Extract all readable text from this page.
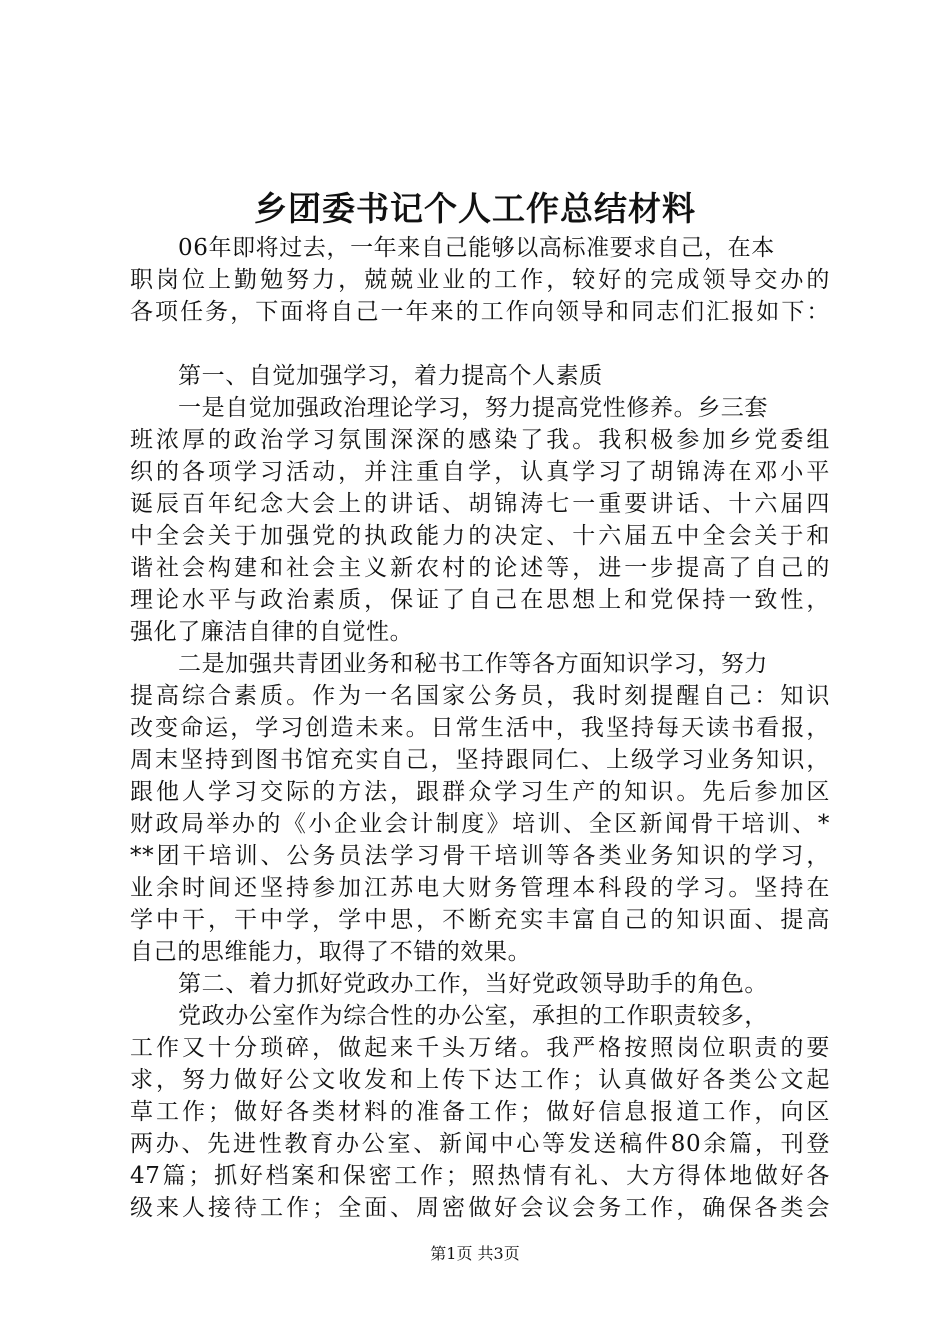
乡团委书记个人工作总结材料
06年即将过去，一年来自己能够以高标准要求自己，在本
职岗位上勤勉努力，兢兢业业的工作，较好的完成领导交办的
各项任务，下面将自己一年来的工作向领导和同志们汇报如下：
第一、自觉加强学习，着力提高个人素质
一是自觉加强政治理论学习，努力提高党性修养。乡三套
班浓厚的政治学习氛围深深的感染了我。我积极参加乡党委组
织的各项学习活动，并注重自学，认真学习了胡锦涛在邓小平
诞辰百年纪念大会上的讲话、胡锦涛七一重要讲话、十六届四
中全会关于加强党的执政能力的决定、十六届五中全会关于和
谐社会构建和社会主义新农村的论述等，进一步提高了自己的
理论水平与政治素质，保证了自己在思想上和党保持一致性，
强化了廉洁自律的自觉性。
二是加强共青团业务和秘书工作等各方面知识学习，努力
提高综合素质。作为一名国家公务员，我时刻提醒自己：知识
改变命运，学习创造未来。日常生活中，我坚持每天读书看报，
周末坚持到图书馆充实自己，坚持跟同仁、上级学习业务知识，
跟他人学习交际的方法，跟群众学习生产的知识。先后参加区
财政局举办的《小企业会计制度》培训、全区新闻骨干培训、*
**团干培训、公务员法学习骨干培训等各类业务知识的学习，
业余时间还坚持参加江苏电大财务管理本科段的学习。坚持在
学中干，干中学，学中思，不断充实丰富自己的知识面、提高
自己的思维能力，取得了不错的效果。
第二、着力抓好党政办工作，当好党政领导助手的角色。
党政办公室作为综合性的办公室，承担的工作职责较多，
工作又十分琐碎，做起来千头万绪。我严格按照岗位职责的要
求，努力做好公文收发和上传下达工作；认真做好各类公文起
草工作；做好各类材料的准备工作；做好信息报道工作，向区
两办、先进性教育办公室、新闻中心等发送稿件80余篇，刊登
47篇；抓好档案和保密工作；照热情有礼、大方得体地做好各
级来人接待工作；全面、周密做好会议会务工作，确保各类会
第1页 共3页
